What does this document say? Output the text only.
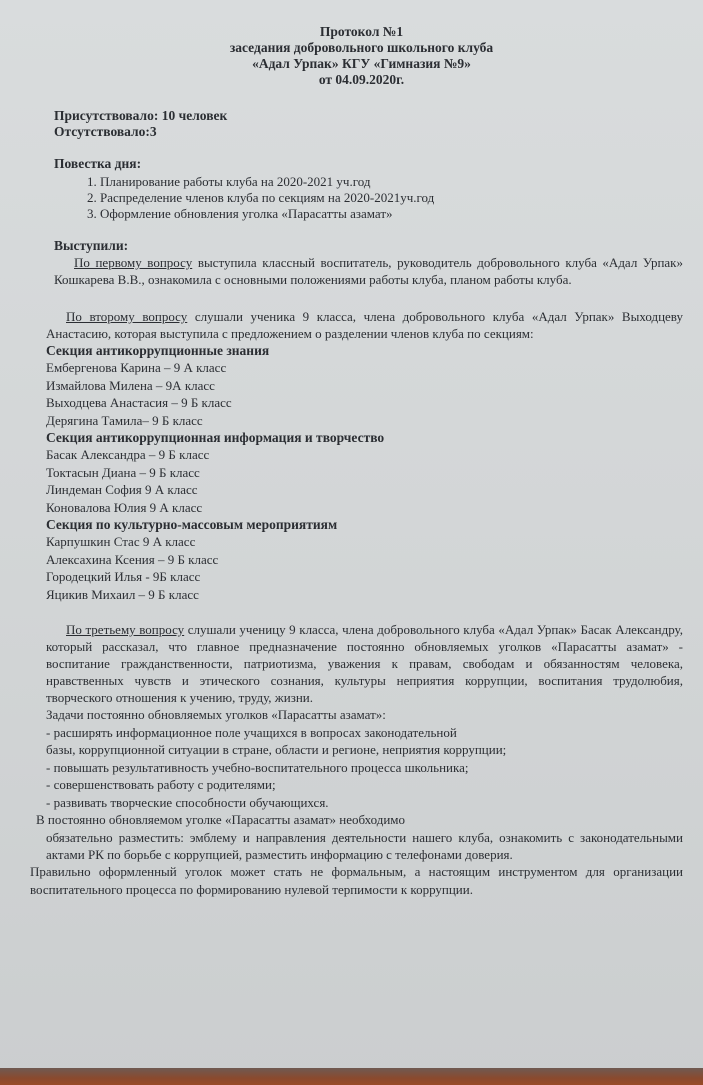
Протокол №1
заседания добровольного школьного клуба
«Адал Урпак» КГУ «Гимназия №9»
от 04.09.2020г.
Присутствовало: 10 человек
Отсутствовало:3
Повестка дня:
1. Планирование работы клуба на 2020-2021 уч.год
2. Распределение членов клуба по секциям на 2020-2021уч.год
3. Оформление обновления уголка «Парасатты азамат»
Выступили:

По первому вопросу выступила классный воспитатель, руководитель добровольного клуба «Адал Урпак» Кошкарева В.В., ознакомила с основными положениями работы клуба, планом работы клуба.

По второму вопросу слушали ученика 9 класса, члена добровольного клуба «Адал Урпак» Выходцеву Анастасию, которая выступила с предложением о разделении членов клуба по секциям:

Секция антикоррупционные знания
Ембергенова Карина – 9 А класс
Измайлова Милена – 9А класс
Выходцева Анастасия – 9 Б класс
Дерягина Тамила– 9 Б класс
Секция антикоррупционная информация и творчество
Басак Александра – 9 Б класс
Токтасын Диана – 9 Б класс
Линдеман София 9 А класс
Коновалова Юлия 9 А класс
Секция по культурно-массовым мероприятиям
Карпушкин Стас 9 А класс
Алексахина Ксения – 9 Б класс
Городецкий Илья - 9Б класс
Яцикив Михаил – 9 Б класс

По третьему вопросу слушали ученицу 9 класса, члена добровольного клуба «Адал Урпак» Басак Александру, который рассказал, что главное предназначение постоянно обновляемых уголков «Парасатты азамат» - воспитание гражданственности, патриотизма, уважения к правам, свободам и обязанностям человека, нравственных чувств и этического сознания, культуры неприятия коррупции, воспитания трудолюбия, творческого отношения к учению, труду, жизни.

Задачи постоянно обновляемых уголков «Парасатты азамат»:
- расширять информационное поле учащихся в вопросах законодательной
базы, коррупционной ситуации в стране, области и регионе, неприятия коррупции;
- повышать результативность учебно-воспитательного процесса школьника;
- совершенствовать работу с родителями;
- развивать творческие способности обучающихся.
В постоянно обновляемом уголке «Парасатты азамат» необходимо

обязательно разместить: эмблему и направления деятельности нашего клуба, ознакомить с законодательными актами РК по борьбе с коррупцией, разместить информацию с телефонами доверия.

Правильно оформленный уголок может стать не формальным, а настоящим инструментом для организации воспитательного процесса по формированию нулевой терпимости к коррупции.
